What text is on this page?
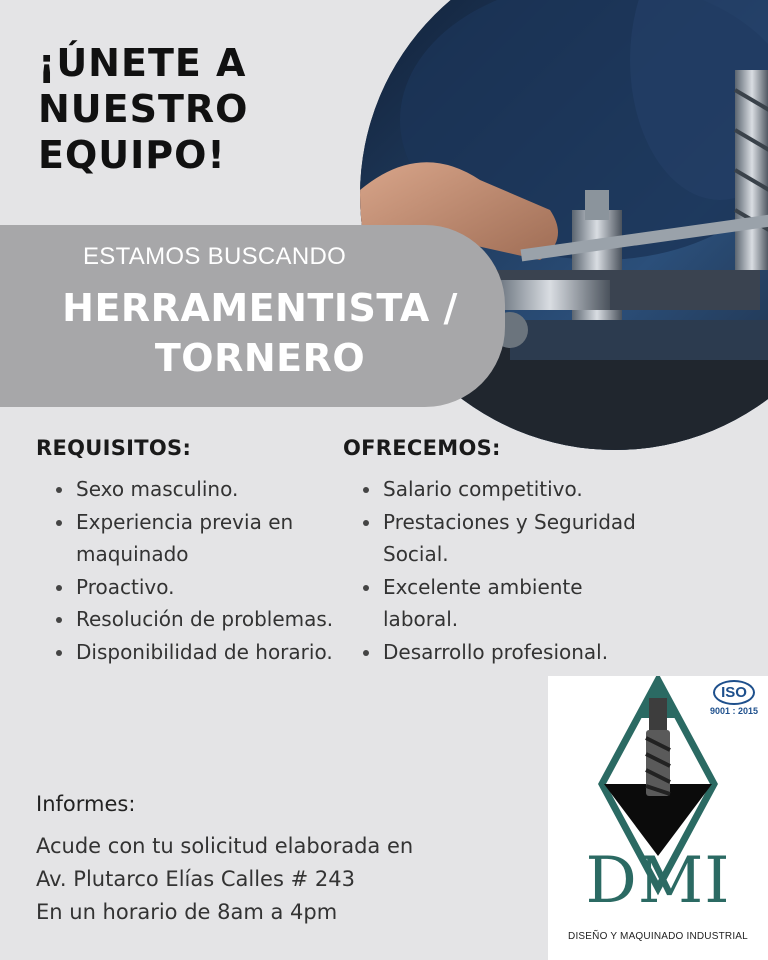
¡ÚNETE A
NUESTRO
EQUIPO!
ESTAMOS BUSCANDO
HERRAMENTISTA /
TORNERO
REQUISITOS:
Sexo masculino.
Experiencia previa en maquinado
Proactivo.
Resolución de problemas.
Disponibilidad de horario.
OFRECEMOS:
Salario competitivo.
Prestaciones y Seguridad Social.
Excelente ambiente laboral.
Desarrollo profesional.
Informes:
Acude con tu solicitud elaborada en
Av. Plutarco Elías Calles # 243
En un horario de 8am a 4pm
ISO
9001 : 2015
DMI
DISEÑO Y MAQUINADO INDUSTRIAL
